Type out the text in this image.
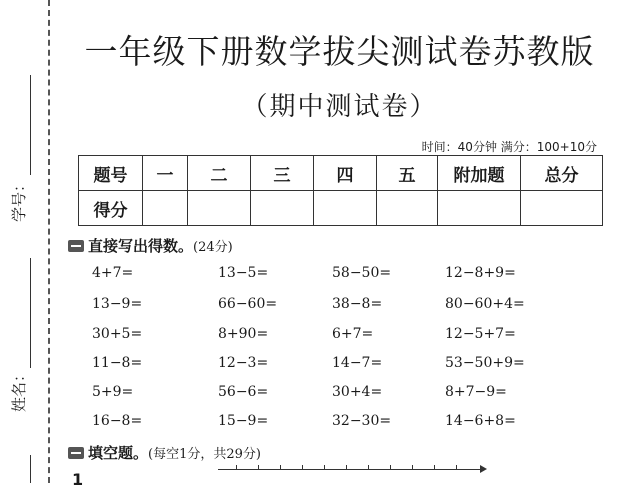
学号：
姓名：
一年级下册数学拔尖测试卷苏教版
（期中测试卷）
时间：40分钟 满分：100+10分
题号	一	二	三	四	五	附加题	总分
得分							
直接写出得数。(24分)
4+7=	13−5=	58−50=	12−8+9=
13−9=	66−60=	38−8=	80−60+4=
30+5=	8+90=	6+7=	12−5+7=
11−8=	12−3=	14−7=	53−50+9=
5+9=	56−6=	30+4=	8+7−9=
16−8=	15−9=	32−30=	14−6+8=
填空题。(每空1分，共29分)
1
